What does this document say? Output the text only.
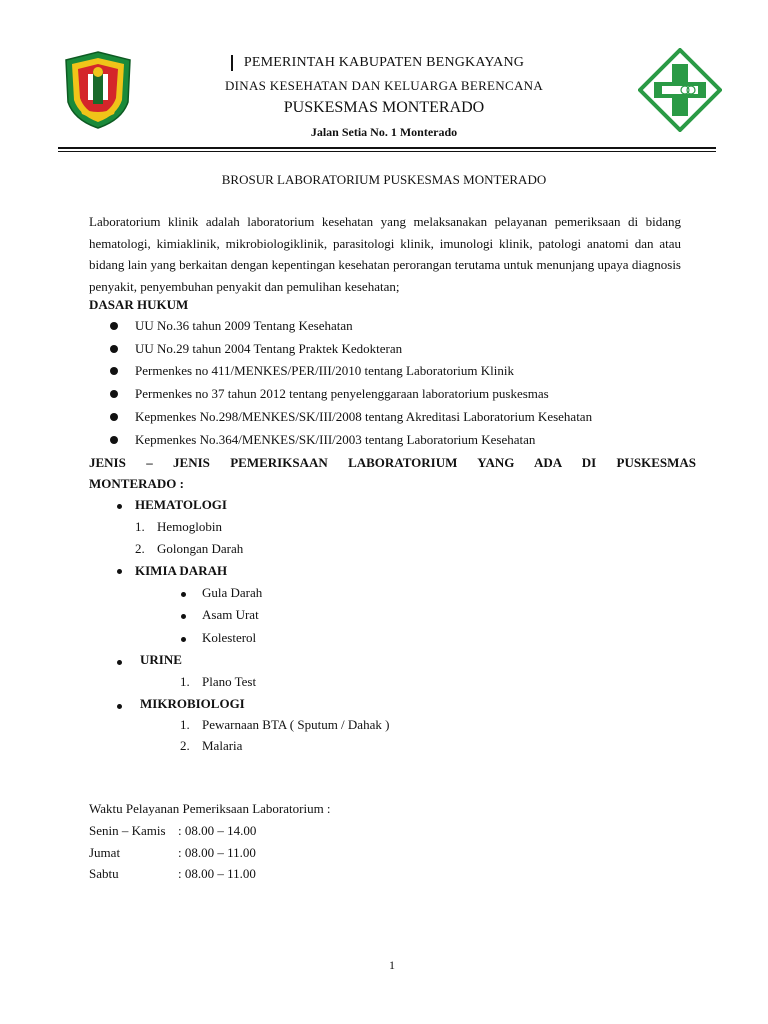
PEMERINTAH KABUPATEN BENGKAYANG
DINAS KESEHATAN DAN KELUARGA BERENCANA
PUSKESMAS MONTERADO
Jalan Setia No. 1 Monterado
BROSUR LABORATORIUM PUSKESMAS MONTERADO
Laboratorium klinik adalah laboratorium kesehatan yang melaksanakan pelayanan pemeriksaan di bidang hematologi, kimiaklinik, mikrobiologiklinik, parasitologi klinik, imunologi klinik, patologi anatomi dan atau bidang lain yang berkaitan dengan kepentingan kesehatan perorangan terutama untuk menunjang upaya diagnosis penyakit, penyembuhan penyakit dan pemulihan kesehatan;
DASAR HUKUM
UU No.36 tahun 2009 Tentang Kesehatan
UU No.29 tahun 2004 Tentang Praktek Kedokteran
Permenkes no 411/MENKES/PER/III/2010 tentang Laboratorium Klinik
Permenkes no 37 tahun 2012 tentang penyelenggaraan laboratorium puskesmas
Kepmenkes No.298/MENKES/SK/III/2008 tentang Akreditasi Laboratorium Kesehatan
Kepmenkes No.364/MENKES/SK/III/2003 tentang Laboratorium Kesehatan
JENIS – JENIS PEMERIKSAAN LABORATORIUM YANG ADA DI PUSKESMAS
MONTERADO :
HEMATOLOGI
1. Hemoglobin
2. Golongan Darah
KIMIA DARAH
Gula Darah
Asam Urat
Kolesterol
URINE
1. Plano Test
MIKROBIOLOGI
1. Pewarnaan BTA ( Sputum / Dahak )
2. Malaria
Waktu Pelayanan Pemeriksaan Laboratorium :
Senin – Kamis : 08.00 – 14.00
Jumat	: 08.00 – 11.00
Sabtu	: 08.00 – 11.00
1
